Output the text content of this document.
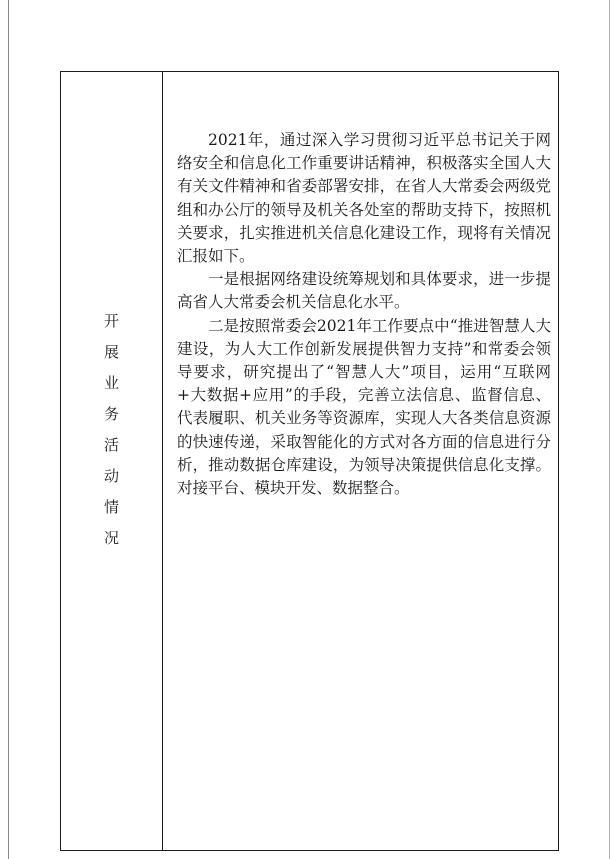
开
展
业
务
活
动
情
况

2021年，通过深入学习贯彻习近平总书记关于网络安全和信息化工作重要讲话精神，积极落实全国人大有关文件精神和省委部署安排，在省人大常委会两级党组和办公厅的领导及机关各处室的帮助支持下，按照机关要求，扎实推进机关信息化建设工作，现将有关情况汇报如下。

一是根据网络建设统筹规划和具体要求，进一步提高省人大常委会机关信息化水平。

二是按照常委会2021年工作要点中“推进智慧人大建设，为人大工作创新发展提供智力支持”和常委会领导要求，研究提出了“智慧人大”项目，运用“互联网+大数据+应用”的手段，完善立法信息、监督信息、代表履职、机关业务等资源库，实现人大各类信息资源的快速传递，采取智能化的方式对各方面的信息进行分析，推动数据仓库建设，为领导决策提供信息化支撑。对接平台、模块开发、数据整合。
